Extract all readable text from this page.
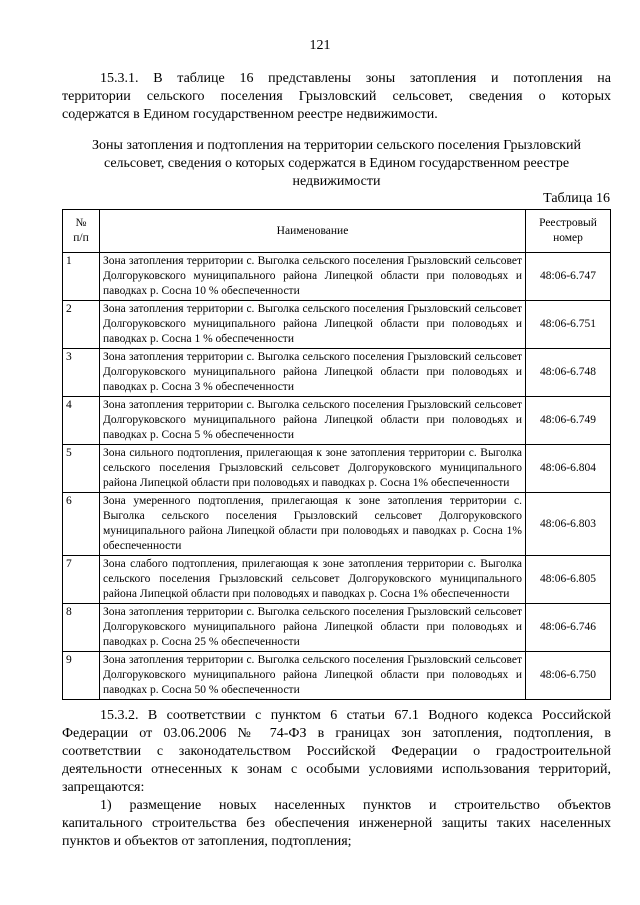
121
15.3.1. В таблице 16 представлены зоны затопления и потопления на
территории сельского поселения Грызловский сельсовет, сведения о которых
содержатся в Едином государственном реестре недвижимости.
Зоны затопления и подтопления на территории сельского поселения Грызловский
сельсовет, сведения о которых содержатся в Едином государственном реестре
недвижимости
Таблица 16
№
п/п	Наименование	Реестровый
номер
1	Зона затопления территории с. Выголка сельского поселения Грызловский сельсовет Долгоруковского муниципального района Липецкой области при половодьях и паводках р. Сосна 10 % обеспеченности	48:06-6.747
2	Зона затопления территории с. Выголка сельского поселения Грызловский сельсовет Долгоруковского муниципального района Липецкой области при половодьях и паводках р. Сосна 1 % обеспеченности	48:06-6.751
3	Зона затопления территории с. Выголка сельского поселения Грызловский сельсовет Долгоруковского муниципального района Липецкой области при половодьях и паводках р. Сосна 3 % обеспеченности	48:06-6.748
4	Зона затопления территории с. Выголка сельского поселения Грызловский сельсовет Долгоруковского муниципального района Липецкой области при половодьях и паводках р. Сосна 5 % обеспеченности	48:06-6.749
5	Зона сильного подтопления, прилегающая к зоне затопления территории с. Выголка сельского поселения Грызловский сельсовет Долгоруковского муниципального района Липецкой области при половодьях и паводках р. Сосна 1% обеспеченности	48:06-6.804
6	Зона умеренного подтопления, прилегающая к зоне затопления территории с. Выголка сельского поселения Грызловский сельсовет Долгоруковского муниципального района Липецкой области при половодьях и паводках р. Сосна 1% обеспеченности	48:06-6.803
7	Зона слабого подтопления, прилегающая к зоне затопления территории с. Выголка сельского поселения Грызловский сельсовет Долгоруковского муниципального района Липецкой области при половодьях и паводках р. Сосна 1% обеспеченности	48:06-6.805
8	Зона затопления территории с. Выголка сельского поселения Грызловский сельсовет Долгоруковского муниципального района Липецкой области при половодьях и паводках р. Сосна 25 % обеспеченности	48:06-6.746
9	Зона затопления территории с. Выголка сельского поселения Грызловский сельсовет Долгоруковского муниципального района Липецкой области при половодьях и паводках р. Сосна 50 % обеспеченности	48:06-6.750
15.3.2. В соответствии с пунктом 6 статьи 67.1 Водного кодекса Российской
Федерации от 03.06.2006 № 74-ФЗ в границах зон затопления, подтопления, в
соответствии с законодательством Российской Федерации о градостроительной
деятельности отнесенных к зонам с особыми условиями использования территорий,
запрещаются:
1) размещение новых населенных пунктов и строительство объектов
капитального строительства без обеспечения инженерной защиты таких населенных
пунктов и объектов от затопления, подтопления;
